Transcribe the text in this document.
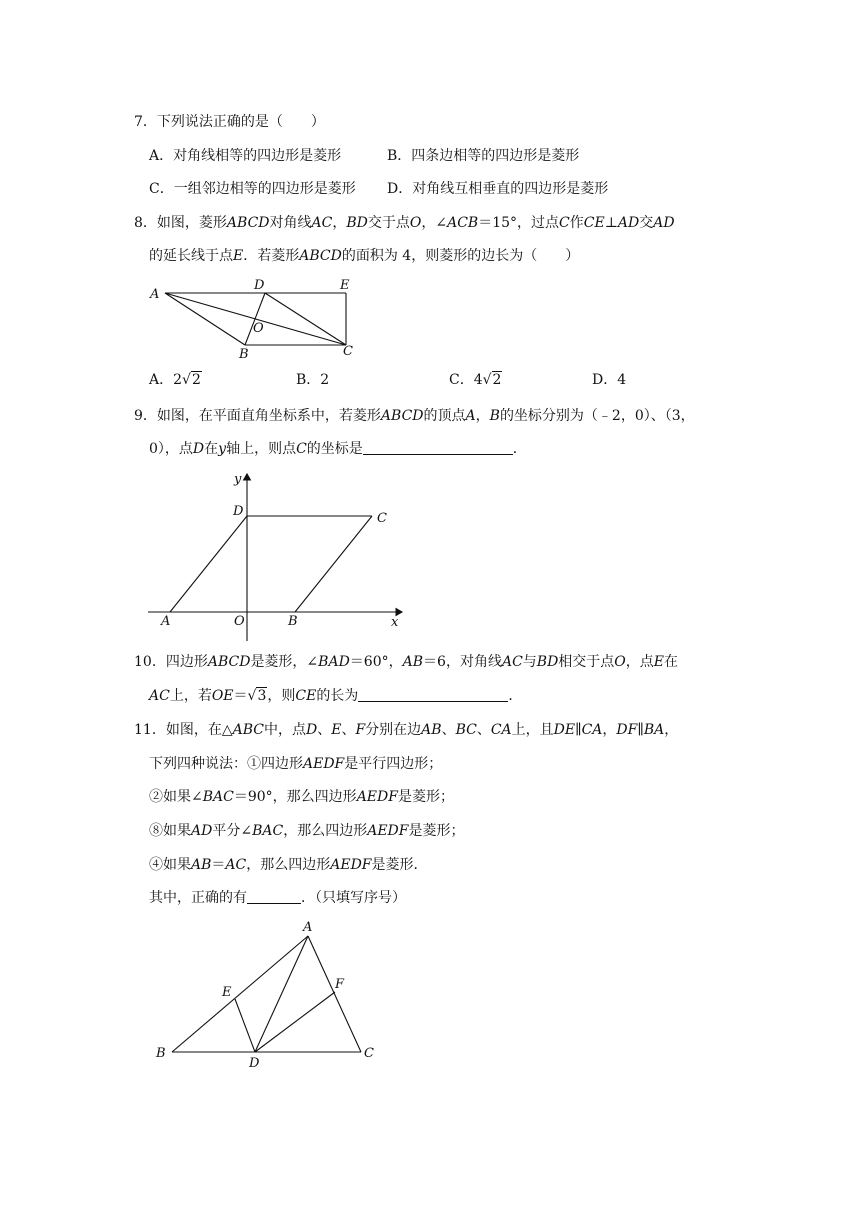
7．下列说法正确的是（　　）
A．对角线相等的四边形是菱形	B．四条边相等的四边形是菱形
C．一组邻边相等的四边形是菱形 D．对角线互相垂直的四边形是菱形
8．如图，菱形ABCD对角线AC，BD交于点O，∠ACB＝15°，过点C作CE⊥AD交AD
的延长线于点E．若菱形ABCD的面积为 4，则菱形的边长为（　　）
A
D	E
O
B	C
A．2√2	B．2	C．4√2	D．4
9．如图，在平面直角坐标系中，若菱形ABCD的顶点A，B的坐标分别为（﹣2，0）、（3，
0），点D在y轴上，则点C的坐标是	．
y
x
D	C
A	O	B
10．四边形ABCD是菱形，∠BAD＝60°，AB＝6，对角线AC与BD相交于点O，点E在
AC上，若OE＝√3，则CE的长为	．
11．如图，在△ABC中，点D、E、F分别在边AB、BC、CA上，且DE∥CA，DF∥BA，
下列四种说法：①四边形AEDF是平行四边形；
②如果∠BAC＝90°，那么四边形AEDF是菱形；
⑧如果AD平分∠BAC，那么四边形AEDF是菱形；
④如果AB＝AC，那么四边形AEDF是菱形．
其中，正确的有	．（只填写序号）
A
E
F
B
D
C
